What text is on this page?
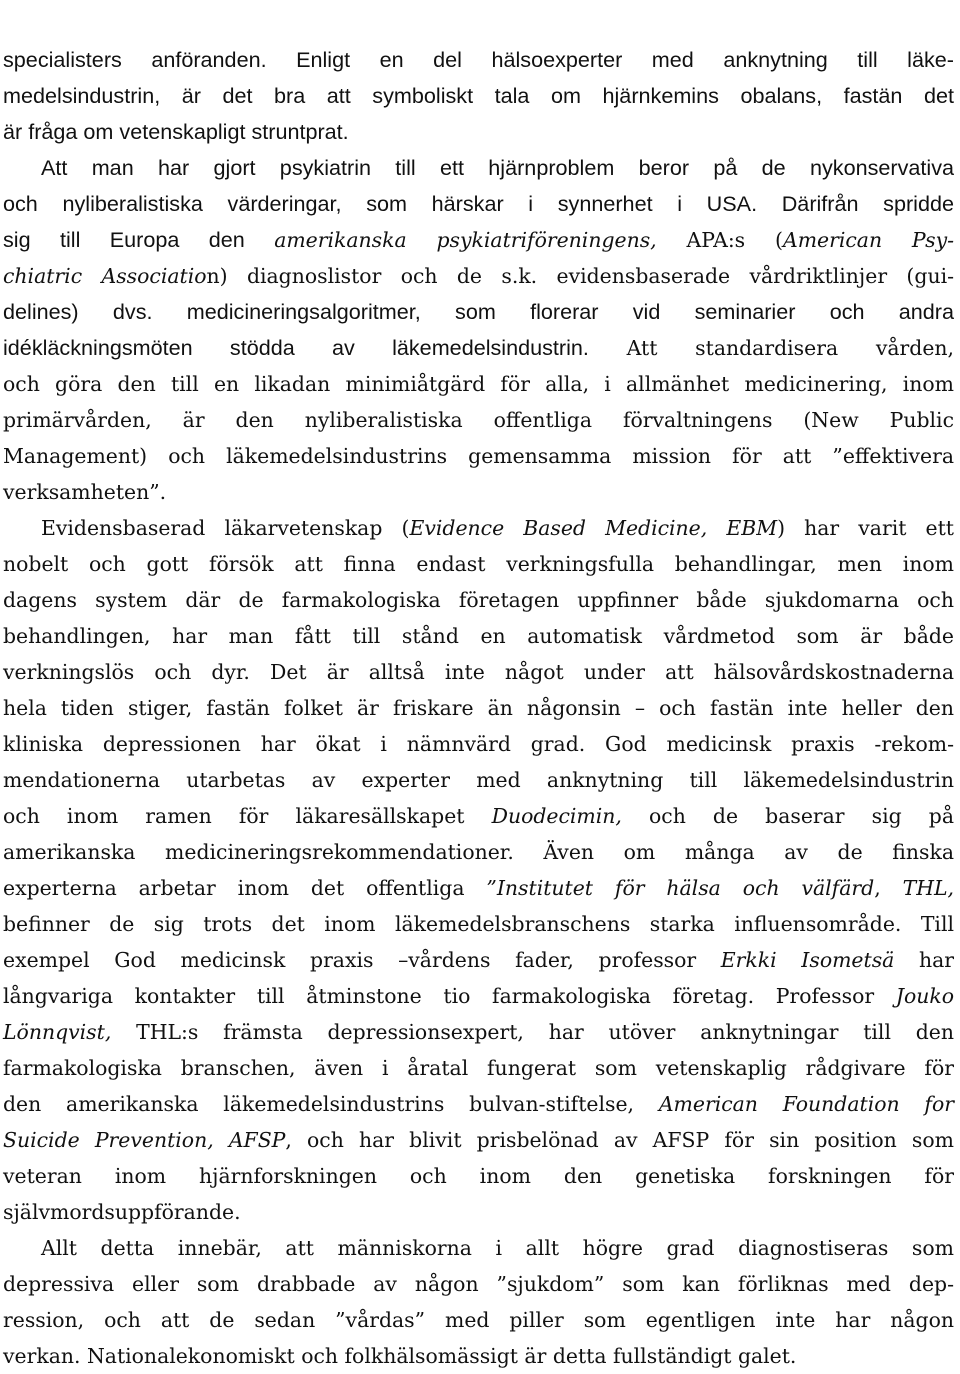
specialisters anföranden. Enligt en del hälsoexperter med anknytning till läke-
medelsindustrin, är det bra att symboliskt tala om hjärnkemins obalans, fastän det
är fråga om vetenskapligt struntprat.
Att man har gjort psykiatrin till ett hjärnproblem beror på de nykonservativa
och nyliberalistiska värderingar, som härskar i synnerhet i USA. Därifrån spridde
sig till Europa den amerikanska psykiatriföreningens, APA:s (American Psy-
chiatric Association) diagnoslistor och de s.k. evidensbaserade vårdriktlinjer (gui-
delines) dvs. medicineringsalgoritmer, som florerar vid seminarier och andra
idékläckningsmöten stödda av läkemedelsindustrin. Att standardisera vården,
och göra den till en likadan minimiåtgärd för alla, i allmänhet medicinering, inom
primärvården, är den nyliberalistiska offentliga förvaltningens (New Public
Management) och läkemedelsindustrins gemensamma mission för att ”effektivera
verksamheten”.

Evidensbaserad läkarvetenskap (Evidence Based Medicine, EBM) har varit ett
nobelt och gott försök att finna endast verkningsfulla behandlingar, men inom
dagens system där de farmakologiska företagen uppfinner både sjukdomarna och
behandlingen, har man fått till stånd en automatisk vårdmetod som är både
verkningslös och dyr. Det är alltså inte något under att hälsovårdskostnaderna
hela tiden stiger, fastän folket är friskare än någonsin – och fastän inte heller den
kliniska depressionen har ökat i nämnvärd grad. God medicinsk praxis -rekom-
mendationerna utarbetas av experter med anknytning till läkemedelsindustrin
och inom ramen för läkaresällskapet Duodecimin, och de baserar sig på
amerikanska medicineringsrekommendationer. Även om många av de finska
experterna arbetar inom det offentliga ”Institutet för hälsa och välfärd, THL,
befinner de sig trots det inom läkemedelsbranschens starka influensområde. Till
exempel God medicinsk praxis –vårdens fader, professor Erkki Isometsä har
långvariga kontakter till åtminstone tio farmakologiska företag. Professor Jouko
Lönnqvist, THL:s främsta depressionsexpert, har utöver anknytningar till den
farmakologiska branschen, även i åratal fungerat som vetenskaplig rådgivare för
den amerikanska läkemedelsindustrins bulvan-stiftelse, American Foundation for
Suicide Prevention, AFSP, och har blivit prisbelönad av AFSP för sin position som
veteran inom hjärnforskningen och inom den genetiska forskningen för
självmordsuppförande.

Allt detta innebär, att människorna i allt högre grad diagnostiseras som
depressiva eller som drabbade av någon ”sjukdom” som kan förliknas med dep-
ression, och att de sedan ”vårdas” med piller som egentligen inte har någon
verkan. Nationalekonomiskt och folkhälsomässigt är detta fullständigt galet.
